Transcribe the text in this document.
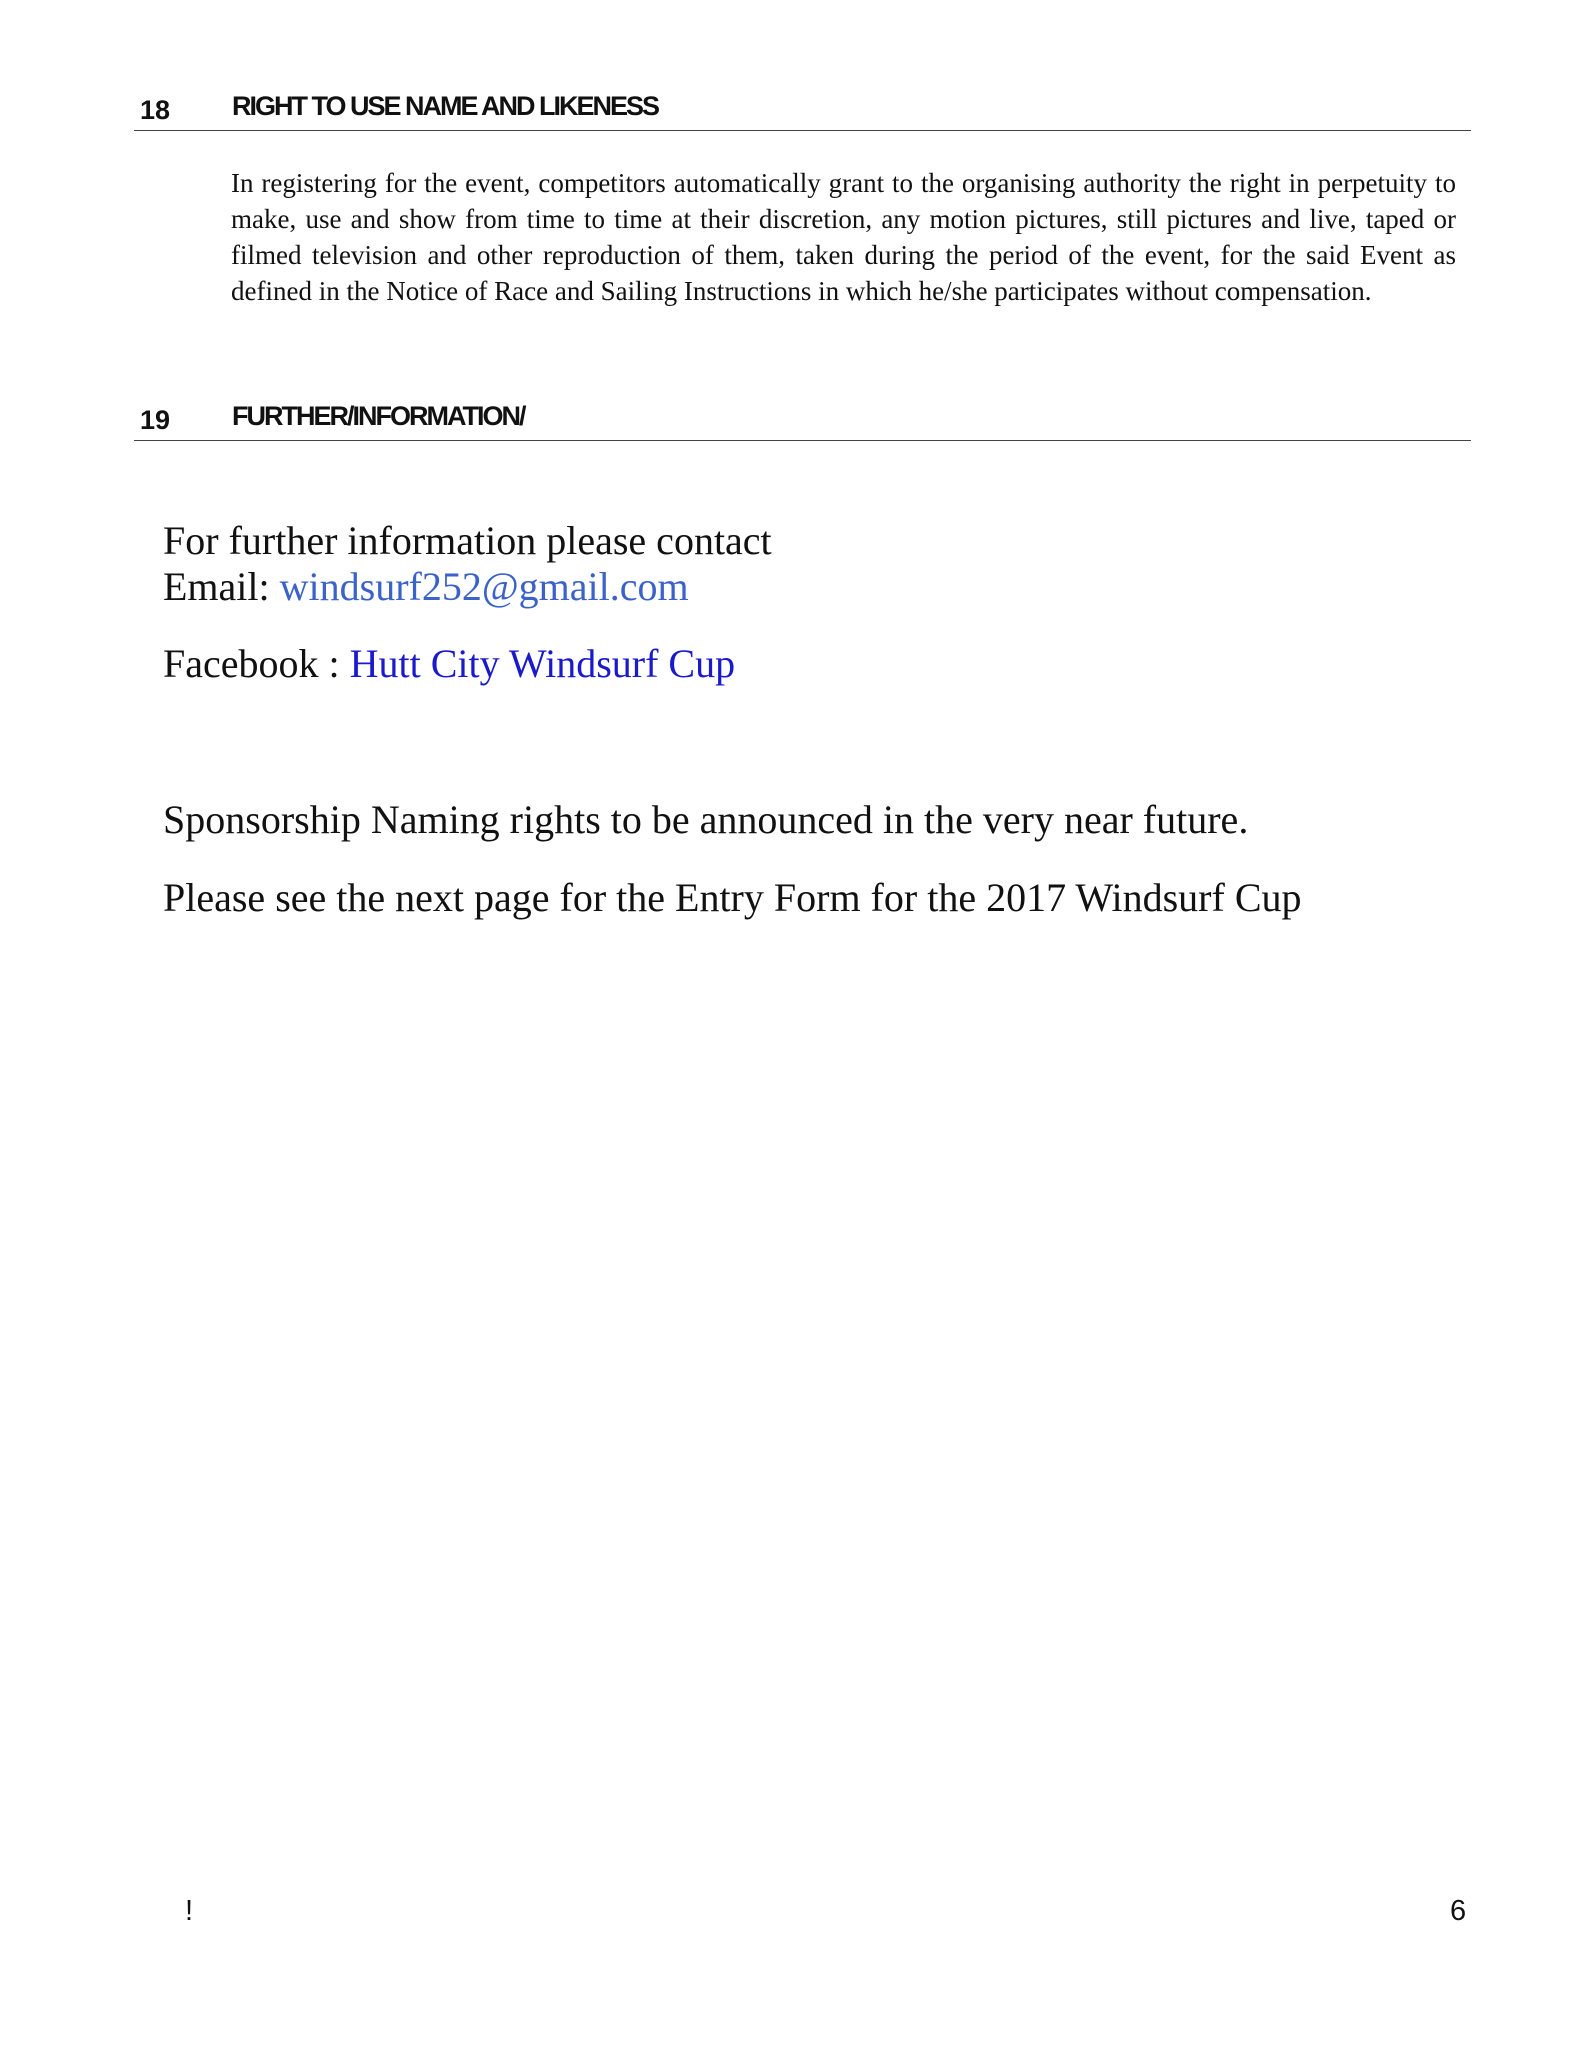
18 RIGHT TO USE NAME AND LIKENESS

In registering for the event, competitors automatically grant to the organising authority the right in perpetuity to make, use and show from time to time at their discretion, any motion pictures, still pictures and live, taped or filmed television and other reproduction of them, taken during the period of the event, for the said Event as defined in the Notice of Race and Sailing Instructions in which he/she participates without compensation.

19 FURTHER/INFORMATION/

For further information please contact

Email: windsurf252@gmail.com

Facebook : Hutt City Windsurf Cup

Sponsorship Naming rights to be announced in the very near future.

Please see the next page for the Entry Form for the 2017 Windsurf Cup

!	6
